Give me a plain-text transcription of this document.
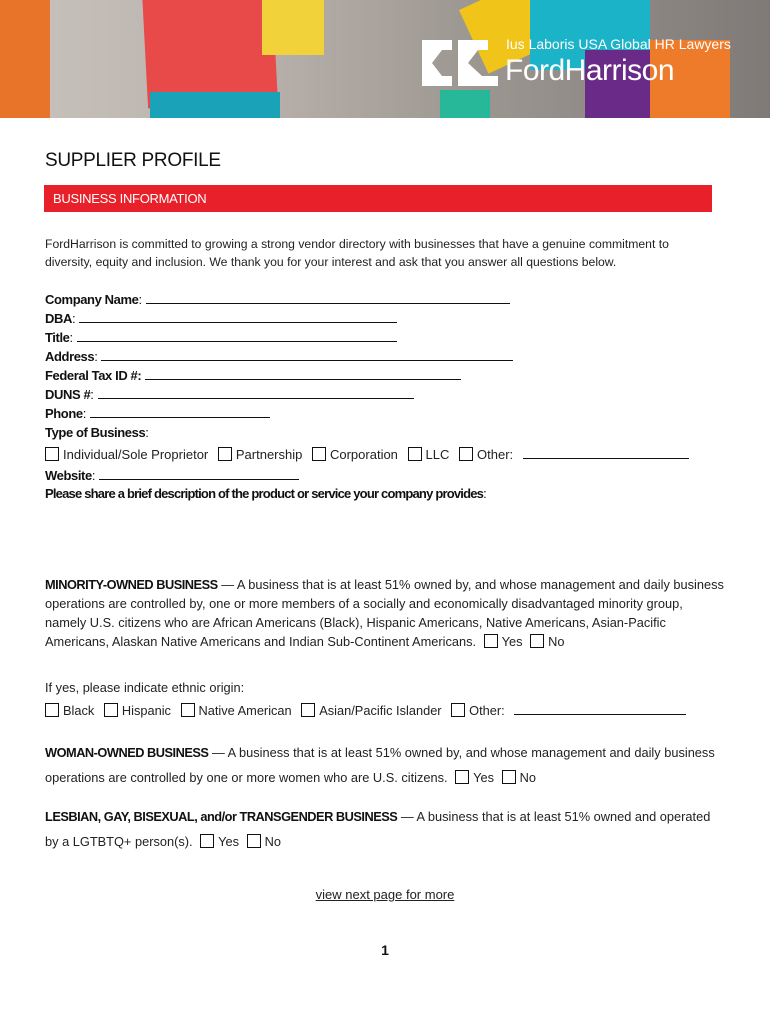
Ius Laboris USA Global HR Lawyers
FordHarrison
SUPPLIER PROFILE
BUSINESS INFORMATION
FordHarrison is committed to growing a strong vendor directory with businesses that have a genuine commitment to diversity, equity and inclusion. We thank you for your interest and ask that you answer all questions below.
Company Name:
DBA:
Title:
Address:
Federal Tax ID #:
DUNS #:
Phone:
Type of Business:
Individual/Sole Proprietor Partnership Corporation LLC Other:
Website:
Please share a brief description of the product or service your company provides:
MINORITY-OWNED BUSINESS — A business that is at least 51% owned by, and whose management and daily business operations are controlled by, one or more members of a socially and economically disadvantaged minority group, namely U.S. citizens who are African Americans (Black), Hispanic Americans, Native Americans, Asian-Pacific Americans, Alaskan Native Americans and Indian Sub-Continent Americans. Yes No
If yes, please indicate ethnic origin:
Black Hispanic Native American Asian/Pacific Islander Other:
WOMAN-OWNED BUSINESS — A business that is at least 51% owned by, and whose management and daily business operations are controlled by one or more women who are U.S. citizens. Yes No
LESBIAN, GAY, BISEXUAL, and/or TRANSGENDER BUSINESS — A business that is at least 51% owned and operated by a LGTBTQ+ person(s). Yes No
view next page for more
1
